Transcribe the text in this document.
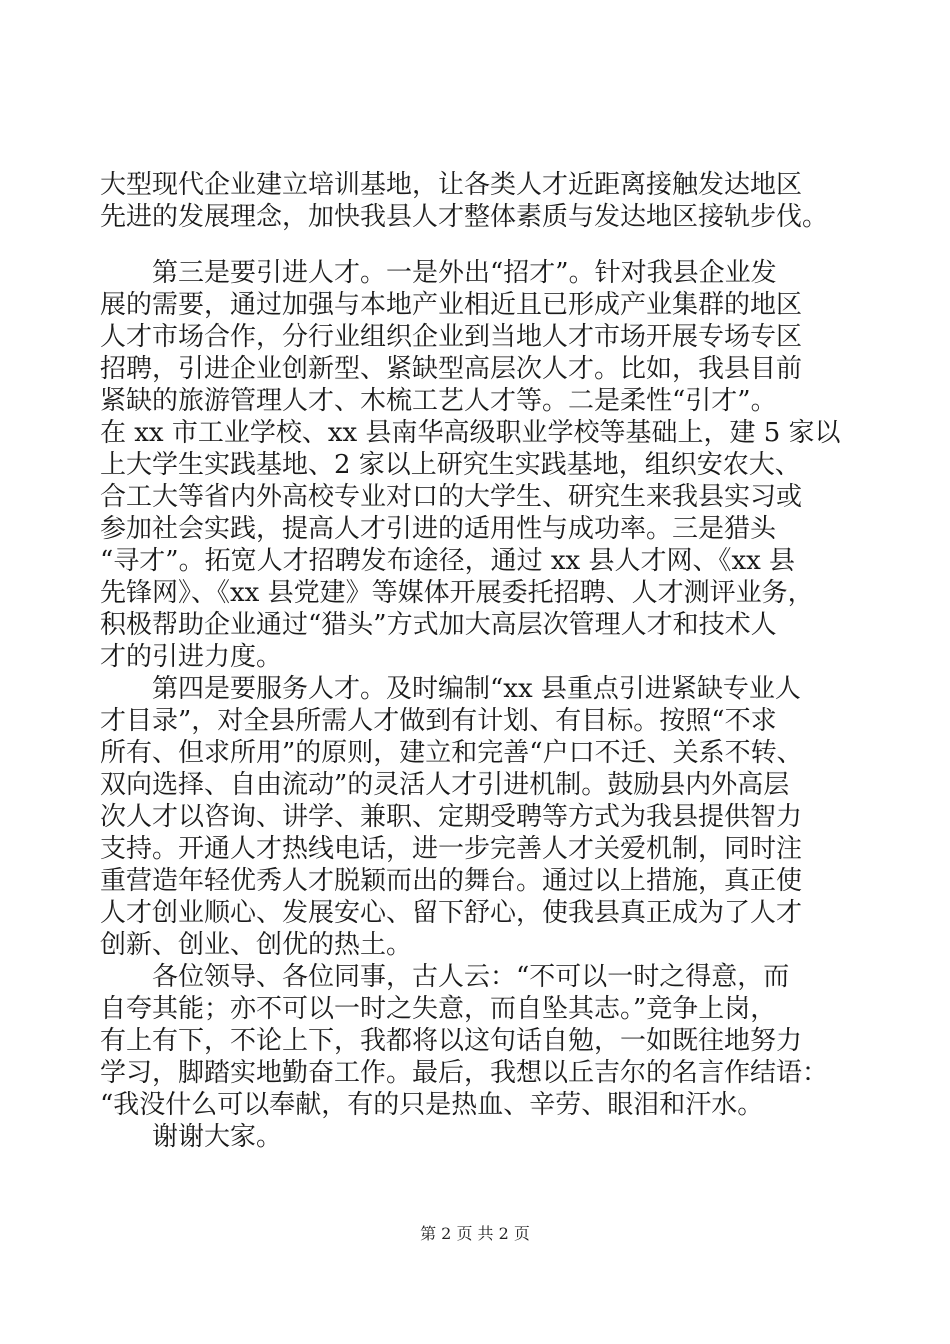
大型现代企业建立培训基地，让各类人才近距离接触发达地区
先进的发展理念，加快我县人才整体素质与发达地区接轨步伐。
　　第三是要引进人才。一是外出“招才”。针对我县企业发
展的需要，通过加强与本地产业相近且已形成产业集群的地区
人才市场合作，分行业组织企业到当地人才市场开展专场专区
招聘，引进企业创新型、紧缺型高层次人才。比如，我县目前
紧缺的旅游管理人才、木梳工艺人才等。二是柔性“引才”。
在 xx 市工业学校、xx 县南华高级职业学校等基础上，建 5 家以
上大学生实践基地、2 家以上研究生实践基地，组织安农大、
合工大等省内外高校专业对口的大学生、研究生来我县实习或
参加社会实践，提高人才引进的适用性与成功率。三是猎头
“寻才”。拓宽人才招聘发布途径，通过 xx 县人才网、《xx 县
先锋网》、《xx 县党建》等媒体开展委托招聘、人才测评业务，
积极帮助企业通过“猎头”方式加大高层次管理人才和技术人
才的引进力度。
　　第四是要服务人才。及时编制“xx 县重点引进紧缺专业人
才目录”，对全县所需人才做到有计划、有目标。按照“不求
所有、但求所用”的原则，建立和完善“户口不迁、关系不转、
双向选择、自由流动”的灵活人才引进机制。鼓励县内外高层
次人才以咨询、讲学、兼职、定期受聘等方式为我县提供智力
支持。开通人才热线电话，进一步完善人才关爱机制，同时注
重营造年轻优秀人才脱颖而出的舞台。通过以上措施，真正使
人才创业顺心、发展安心、留下舒心，使我县真正成为了人才
创新、创业、创优的热土。
　　各位领导、各位同事，古人云：“不可以一时之得意，而
自夸其能；亦不可以一时之失意，而自坠其志。”竞争上岗，
有上有下，不论上下，我都将以这句话自勉，一如既往地努力
学习，脚踏实地勤奋工作。最后，我想以丘吉尔的名言作结语：
“我没什么可以奉献，有的只是热血、辛劳、眼泪和汗水。
　　谢谢大家。
第 2 页 共 2 页
